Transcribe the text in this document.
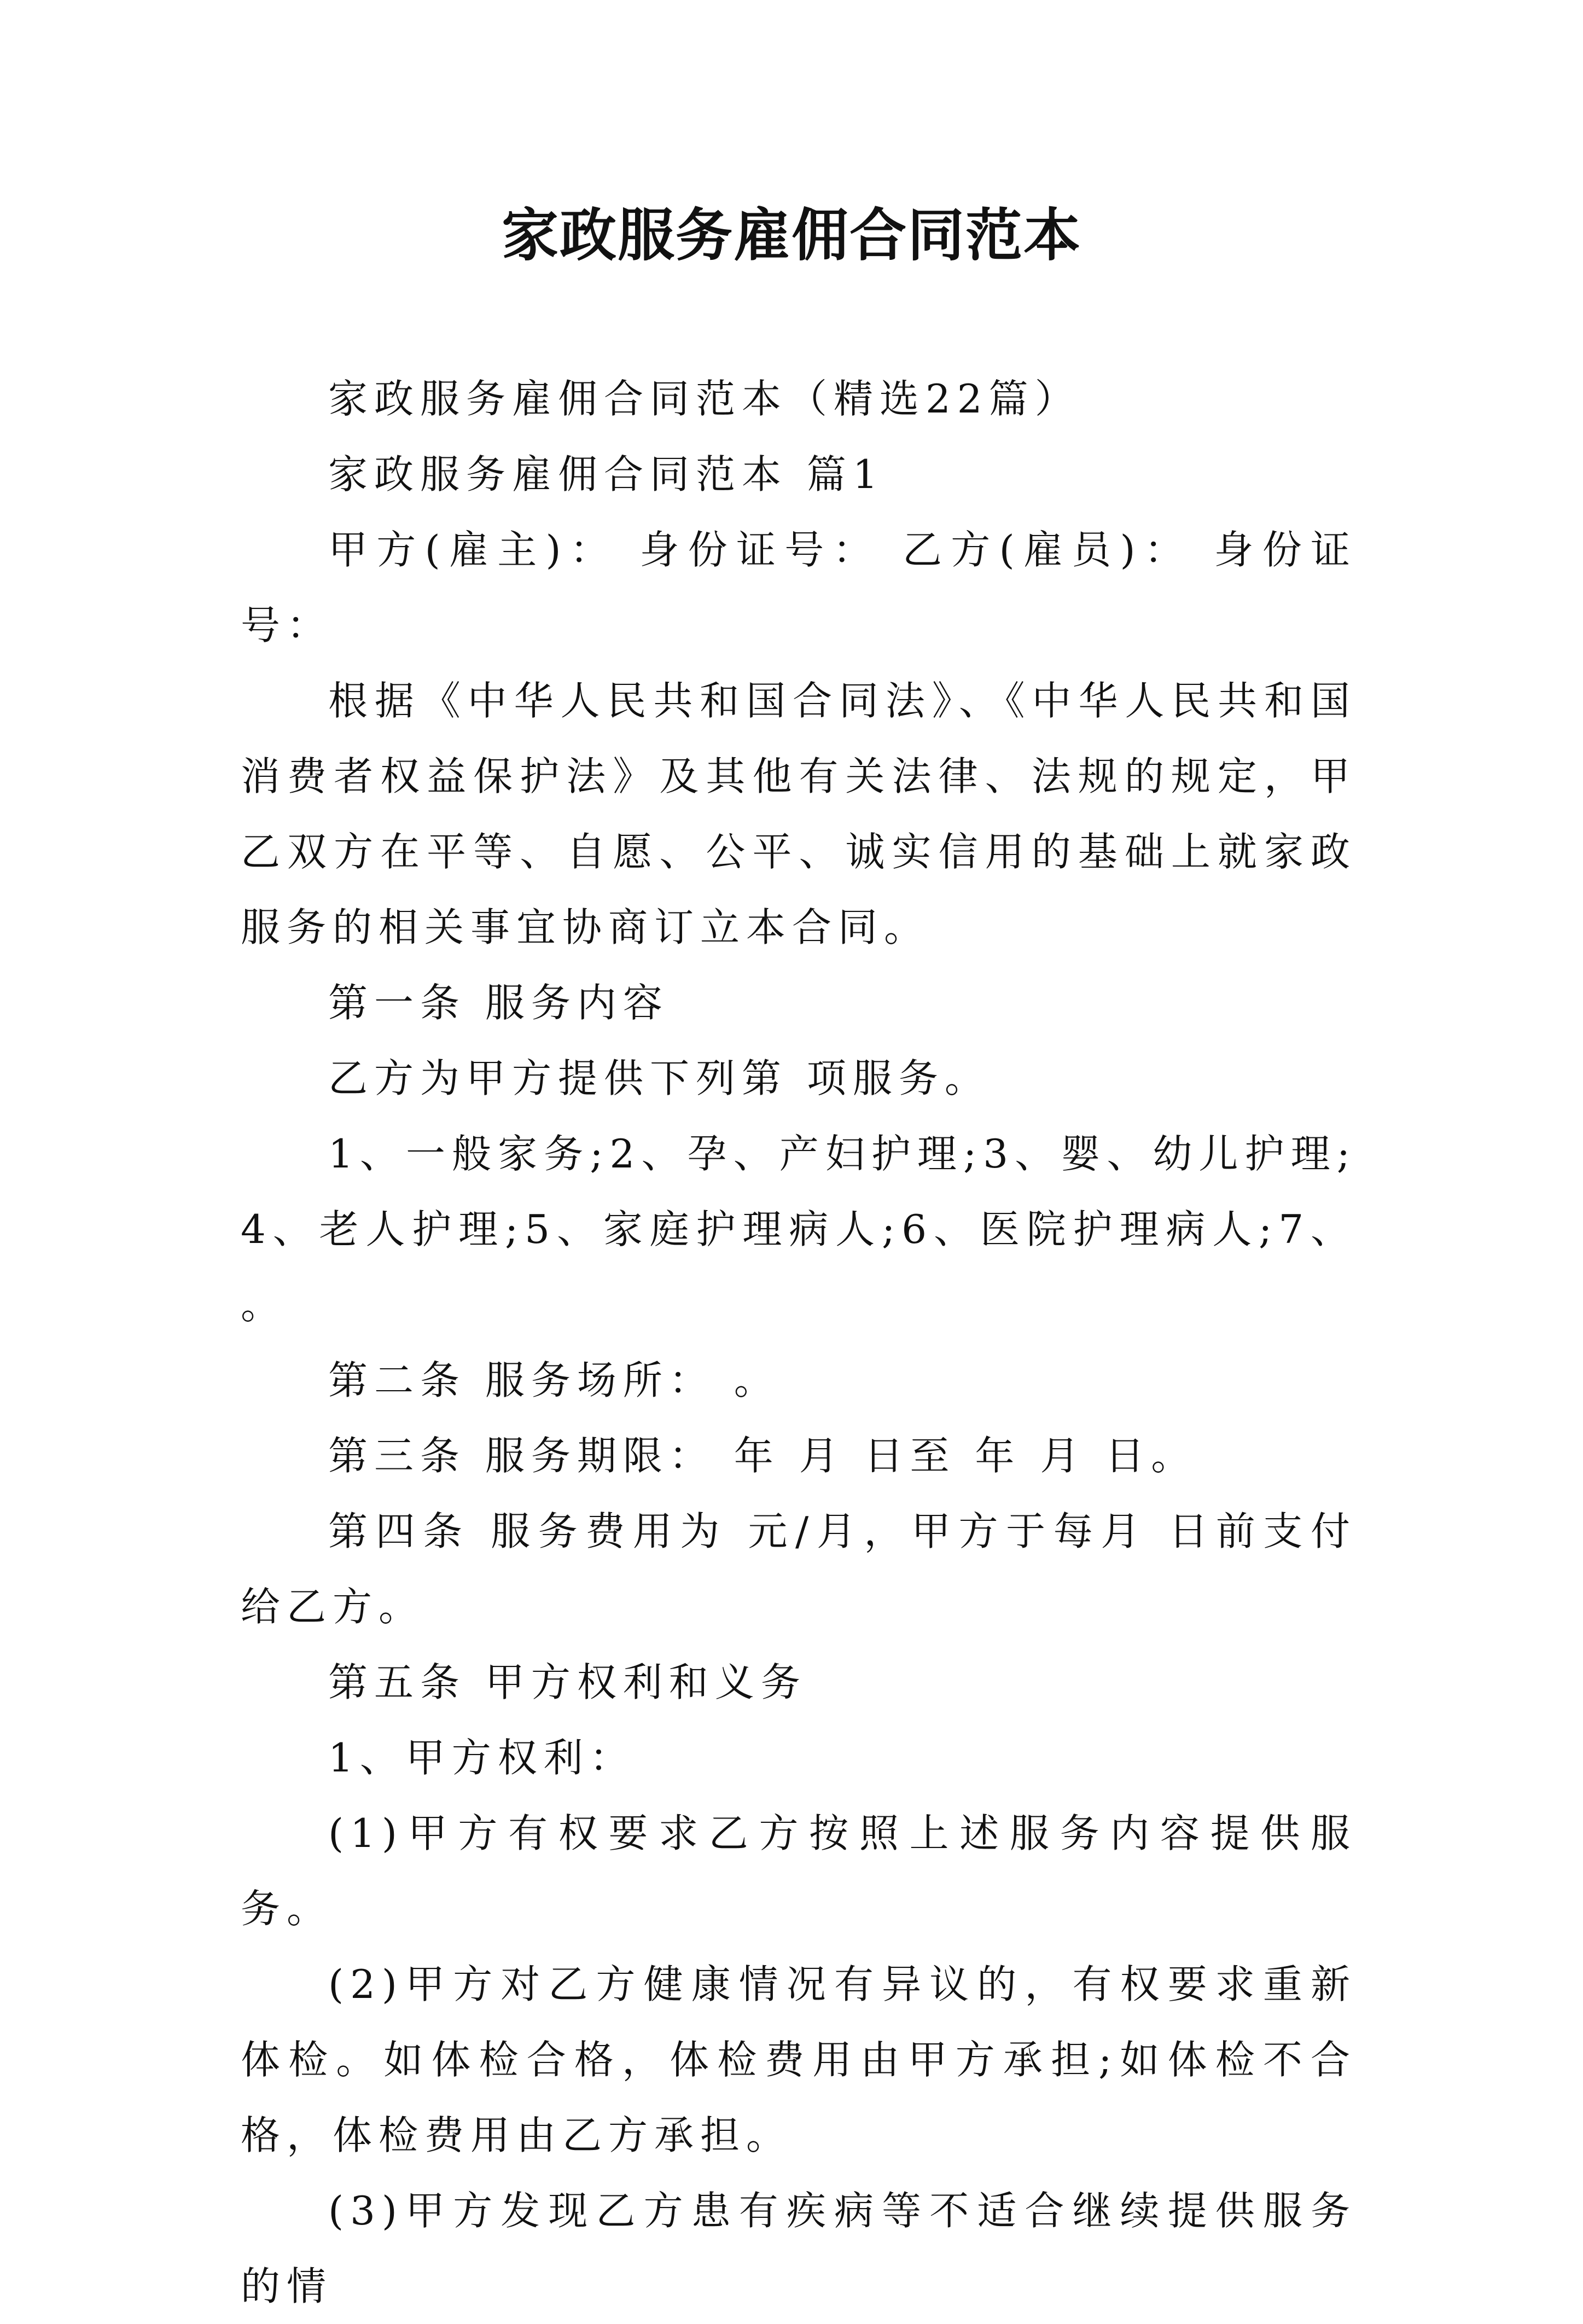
家政服务雇佣合同范本

家政服务雇佣合同范本（精选22篇）

家政服务雇佣合同范本 篇1

甲方(雇主)： 身份证号： 乙方(雇员)： 身份证号：

根据《中华人民共和国合同法》、《中华人民共和国消费者权益保护法》及其他有关法律、法规的规定，甲乙双方在平等、自愿、公平、诚实信用的基础上就家政服务的相关事宜协商订立本合同。

第一条 服务内容

乙方为甲方提供下列第 项服务。

1、一般家务;2、孕、产妇护理;3、婴、幼儿护理;4、老人护理;5、家庭护理病人;6、医院护理病人;7、 。

第二条 服务场所： 。

第三条 服务期限： 年 月 日至 年 月 日。

第四条 服务费用为 元/月，甲方于每月 日前支付给乙方。

第五条 甲方权利和义务

1、甲方权利：

(1)甲方有权要求乙方按照上述服务内容提供服务。

(2)甲方对乙方健康情况有异议的，有权要求重新体检。如体检合格，体检费用由甲方承担;如体检不合格，体检费用由乙方承担。

(3)甲方发现乙方患有疾病等不适合继续提供服务的情
